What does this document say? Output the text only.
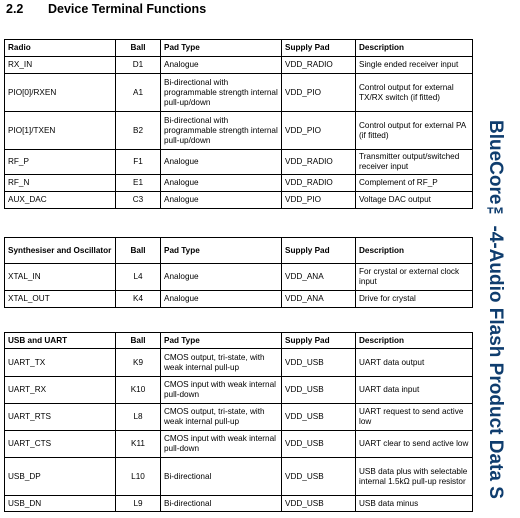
2.2 Device Terminal Functions
Radio	Ball	Pad Type	Supply Pad	Description
RX_IN	D1	Analogue	VDD_RADIO	Single ended receiver input
PIO[0]/RXEN	A1	Bi-directional with programmable strength internal pull-up/down	VDD_PIO	Control output for external TX/RX switch (if fitted)
PIO[1]/TXEN	B2	Bi-directional with programmable strength internal pull-up/down	VDD_PIO	Control output for external PA (if fitted)
RF_P	F1	Analogue	VDD_RADIO	Transmitter output/switched receiver input
RF_N	E1	Analogue	VDD_RADIO	Complement of RF_P
AUX_DAC	C3	Analogue	VDD_PIO	Voltage DAC output
Synthesiser and Oscillator	Ball	Pad Type	Supply Pad	Description
XTAL_IN	L4	Analogue	VDD_ANA	For crystal or external clock input
XTAL_OUT	K4	Analogue	VDD_ANA	Drive for crystal
USB and UART	Ball	Pad Type	Supply Pad	Description
UART_TX	K9	CMOS output, tri-state, with weak internal pull-up	VDD_USB	UART data output
UART_RX	K10	CMOS input with weak internal pull-down	VDD_USB	UART data input
UART_RTS	L8	CMOS output, tri-state, with weak internal pull-up	VDD_USB	UART request to send active low
UART_CTS	K11	CMOS input with weak internal pull-down	VDD_USB	UART clear to send active low
USB_DP	L10	Bi-directional	VDD_USB	USB data plus with selectable internal 1.5kΩ pull-up resistor
USB_DN	L9	Bi-directional	VDD_USB	USB data minus
BlueCore™-4-Audio Flash Product Data S
